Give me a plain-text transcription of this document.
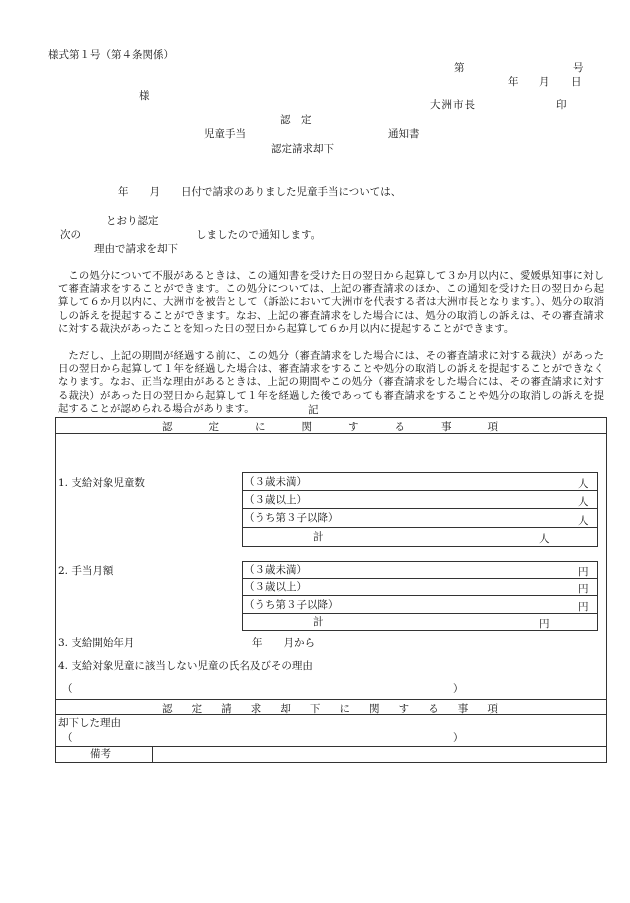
様式第１号（第４条関係）
第	号
年 月 日
様
大洲市長	印
認　定
児童手当	通知書
認定請求却下
年　　月　　日付で請求のありました児童手当については、
とおり認定
次の	しましたので通知します。
理由で請求を却下
この処分について不服があるときは、この通知書を受けた日の翌日から起算して３か月以内に、愛媛県知事に対して審査請求をすることができます。この処分については、上記の審査請求のほか、この通知を受けた日の翌日から起算して６か月以内に、大洲市を被告として（訴訟において大洲市を代表する者は大洲市長となります。）、処分の取消しの訴えを提起することができます。なお、上記の審査請求をした場合には、処分の取消しの訴えは、その審査請求に対する裁決があったことを知った日の翌日から起算して６か月以内に提起することができます。
ただし、上記の期間が経過する前に、この処分（審査請求をした場合には、その審査請求に対する裁決）があった日の翌日から起算して１年を経過した場合は、審査請求をすることや処分の取消しの訴えを提起することができなくなります。なお、正当な理由があるときは、上記の期間やこの処分（審査請求をした場合には、その審査請求に対する裁決）があった日の翌日から起算して１年を経過した後であっても審査請求をすることや処分の取消しの訴えを提起することが認められる場合があります。	記
認	定	に	関	す	る	事	項
1. 支給対象児童数	（３歳未満）	人
（３歳以上）	人
（うち第３子以降）	人
計	人
2. 手当月額	（３歳未満）	円
（３歳以上）	円
（うち第３子以降）	円
計	円
3. 支給開始年月	年　　月から
4. 支給対象児童に該当しない児童の氏名及びその理由
（	）
認 定 請 求 却 下 に 関 す る 事 項
却下した理由
（	）
備考
